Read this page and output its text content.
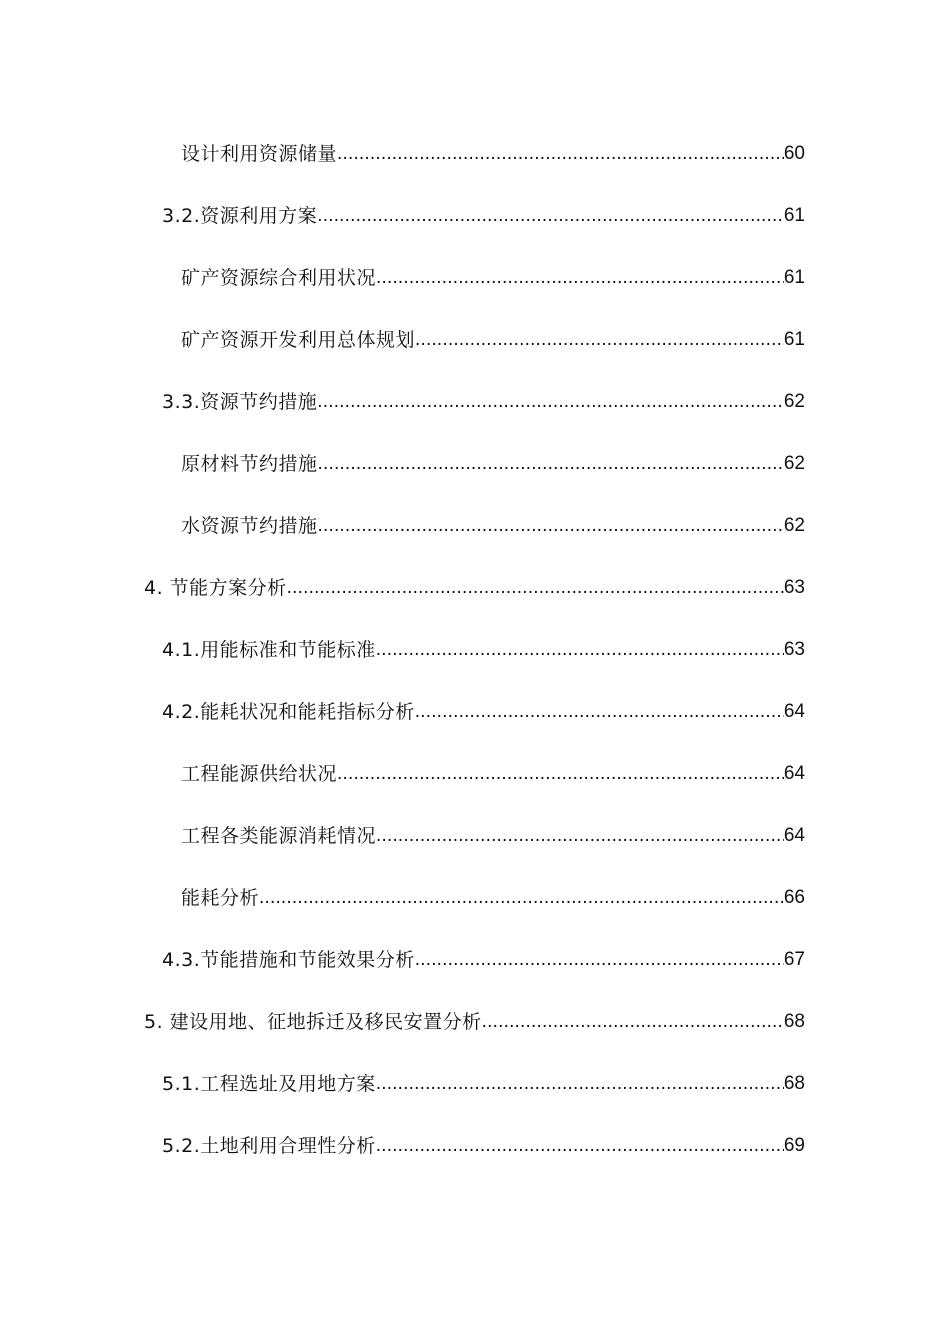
设计利用资源储量 .....	60
3.2.资源利用方案 .....	61
矿产资源综合利用状况 .....	61
矿产资源开发利用总体规划 .....	61
3.3.资源节约措施 .....	62
原材料节约措施 .....	62
水资源节约措施 .....	62
4. 节能方案分析 .....	63
4.1.用能标准和节能标准 .....	63
4.2.能耗状况和能耗指标分析 .....	64
工程能源供给状况 .....	64
工程各类能源消耗情况 .....	64
能耗分析 .....	66
4.3.节能措施和节能效果分析 .....	67
5. 建设用地、征地拆迁及移民安置分析 .....	68
5.1.工程选址及用地方案 .....	68
5.2.土地利用合理性分析 .....	69
